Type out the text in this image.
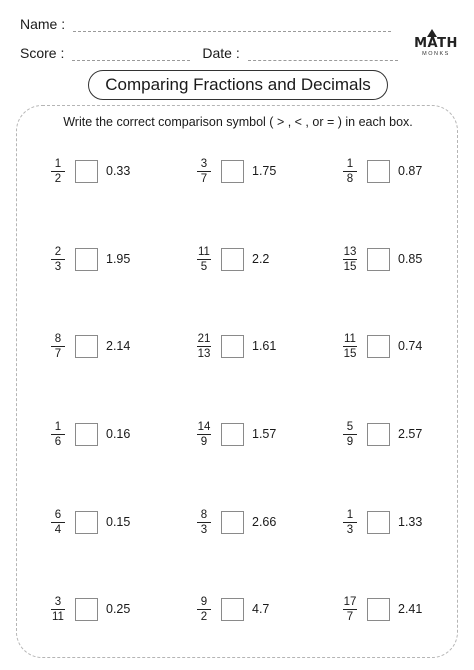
Name :
Score :	Date :
MATH
MONKS
Comparing Fractions and Decimals
Write the correct comparison symbol ( > , < , or = ) in each box.
$\frac{1}{2}$	0.33	$\frac{3}{7}$	1.75	$\frac{1}{8}$	0.87
$\frac{2}{3}$	1.95	$\frac{11}{5}$	2.2	$\frac{13}{15}$	0.85
$\frac{8}{7}$	2.14	$\frac{21}{13}$	1.61	$\frac{11}{15}$	0.74
$\frac{1}{6}$	0.16	$\frac{14}{9}$	1.57	$\frac{5}{9}$	2.57
$\frac{6}{4}$	0.15	$\frac{8}{3}$	2.66	$\frac{1}{3}$	1.33
$\frac{3}{11}$	0.25	$\frac{9}{2}$	4.7	$\frac{17}{7}$	2.41
